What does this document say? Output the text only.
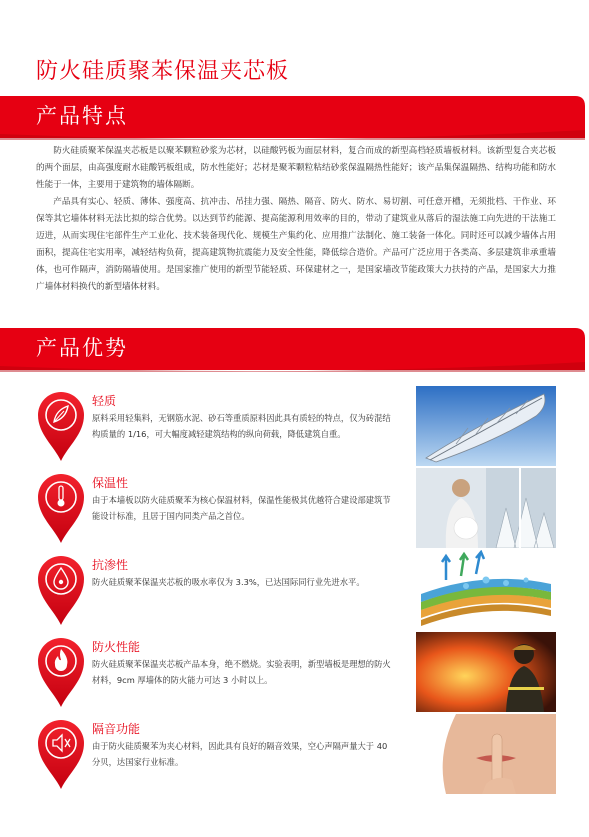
防火硅质聚苯保温夹芯板
产品特点

防火硅质聚苯保温夹芯板是以聚苯颗粒砂浆为芯材，以硅酸钙板为面层材料，复合而成的新型高档轻质墙板材料。该新型复合夹芯板的两个面层，由高强度耐水硅酸钙板组成，防水性能好；芯材是聚苯颗粒粘结砂浆保温隔热性能好；该产品集保温隔热、结构功能和防水性能于一体，主要用于建筑物的墙体隔断。

产品具有实心、轻质、薄体、强度高、抗冲击、吊挂力强、隔热、隔音、防火、防水、易切割、可任意开槽，无须批档、干作业、环保等其它墙体材料无法比拟的综合优势。以达到节约能源、提高能源利用效率的目的，带动了建筑业从落后的湿法施工向先进的干法施工迈进，从而实现住宅部件生产工业化、技术装备现代化、规模生产集约化、应用推广法制化、施工装备一体化。同时还可以减少墙体占用面积，提高住宅实用率，减轻结构负荷，提高建筑物抗震能力及安全性能，降低综合造价。产品可广泛应用于各类高、多层建筑非承重墙体，也可作隔声，消防隔墙使用。是国家推广使用的新型节能轻质、环保建材之一，是国家墙改节能政策大力扶持的产品，是国家大力推广墙体材料换代的新型墙体材料。

产品优势
轻质
原料采用轻集料，无钢筋水泥、砂石等重质原料因此具有质轻的特点，仅为砖混结构质量的 1/16，可大幅度减轻建筑结构的纵向荷载，降低建筑自重。
保温性
由于本墙板以防火硅质聚苯为核心保温材料，保温性能极其优越符合建设部建筑节能设计标准，且居于国内同类产品之首位。
抗渗性
防火硅质聚苯保温夹芯板的吸水率仅为 3.3%，已达国际同行业先进水平。
防火性能
防火硅质聚苯保温夹芯板产品本身，绝不燃烧。实验表明，新型墙板是理想的防火材料，9cm 厚墙体的防火能力可达 3 小时以上。
隔音功能
由于防火硅质聚苯为夹心材料，因此具有良好的隔音效果，空心声隔声量大于 40 分贝，达国家行业标准。
